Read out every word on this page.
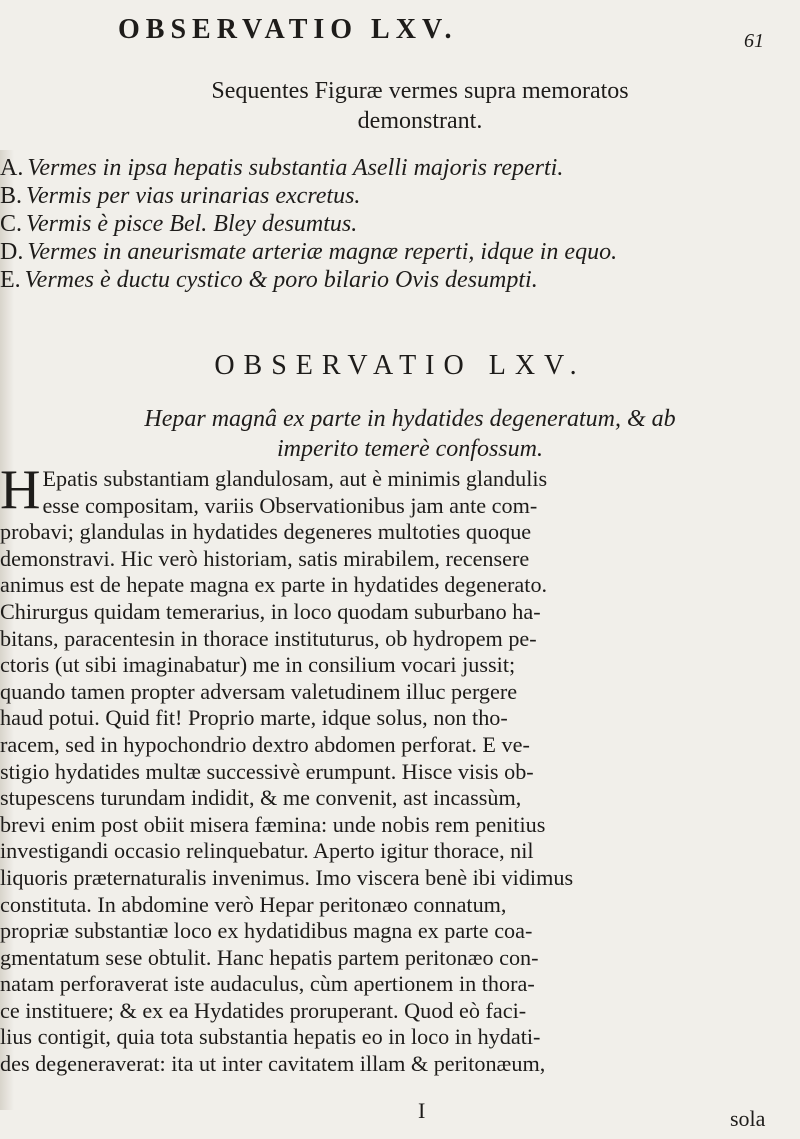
OBSERVATIO LXV.	61
Sequentes Figuræ vermes supra memoratos
demonstrant.
A. Vermes in ipsa hepatis substantia Aselli majoris reperti.
B. Vermis per vias urinarias excretus.
C. Vermis è pisce Bel. Bley desumtus.
D. Vermes in aneurismate arteriæ magnæ reperti, idque in equo.
E. Vermes è ductu cystico & poro bilario Ovis desumpti.
OBSERVATIO LXV.
Hepar magnâ ex parte in hydatides degeneratum, & ab
imperito temerè confossum.
H Epatis substantiam glandulosam, aut è minimis glandulis
esse compositam, variis Observationibus jam ante com-
probavi; glandulas in hydatides degeneres multoties quoque
demonstravi. Hic verò historiam, satis mirabilem, recensere
animus est de hepate magna ex parte in hydatides degenerato.
Chirurgus quidam temerarius, in loco quodam suburbano ha-
bitans, paracentesin in thorace instituturus, ob hydropem pe-
ctoris (ut sibi imaginabatur) me in consilium vocari jussit;
quando tamen propter adversam valetudinem illuc pergere
haud potui. Quid fit! Proprio marte, idque solus, non tho-
racem, sed in hypochondrio dextro abdomen perforat. E ve-
stigio hydatides multæ successivè erumpunt. Hisce visis ob-
stupescens turundam indidit, & me convenit, ast incassùm,
brevi enim post obiit misera fæmina: unde nobis rem penitius
investigandi occasio relinquebatur. Aperto igitur thorace, nil
liquoris præternaturalis invenimus. Imo viscera benè ibi vidimus
constituta. In abdomine verò Hepar peritonæo connatum,
propriæ substantiæ loco ex hydatidibus magna ex parte coa-
gmentatum sese obtulit. Hanc hepatis partem peritonæo con-
natam perforaverat iste audaculus, cùm apertionem in thora-
ce instituere; & ex ea Hydatides proruperant. Quod eò faci-
lius contigit, quia tota substantia hepatis eo in loco in hydati-
des degeneraverat: ita ut inter cavitatem illam & peritonæum,
I	sola
